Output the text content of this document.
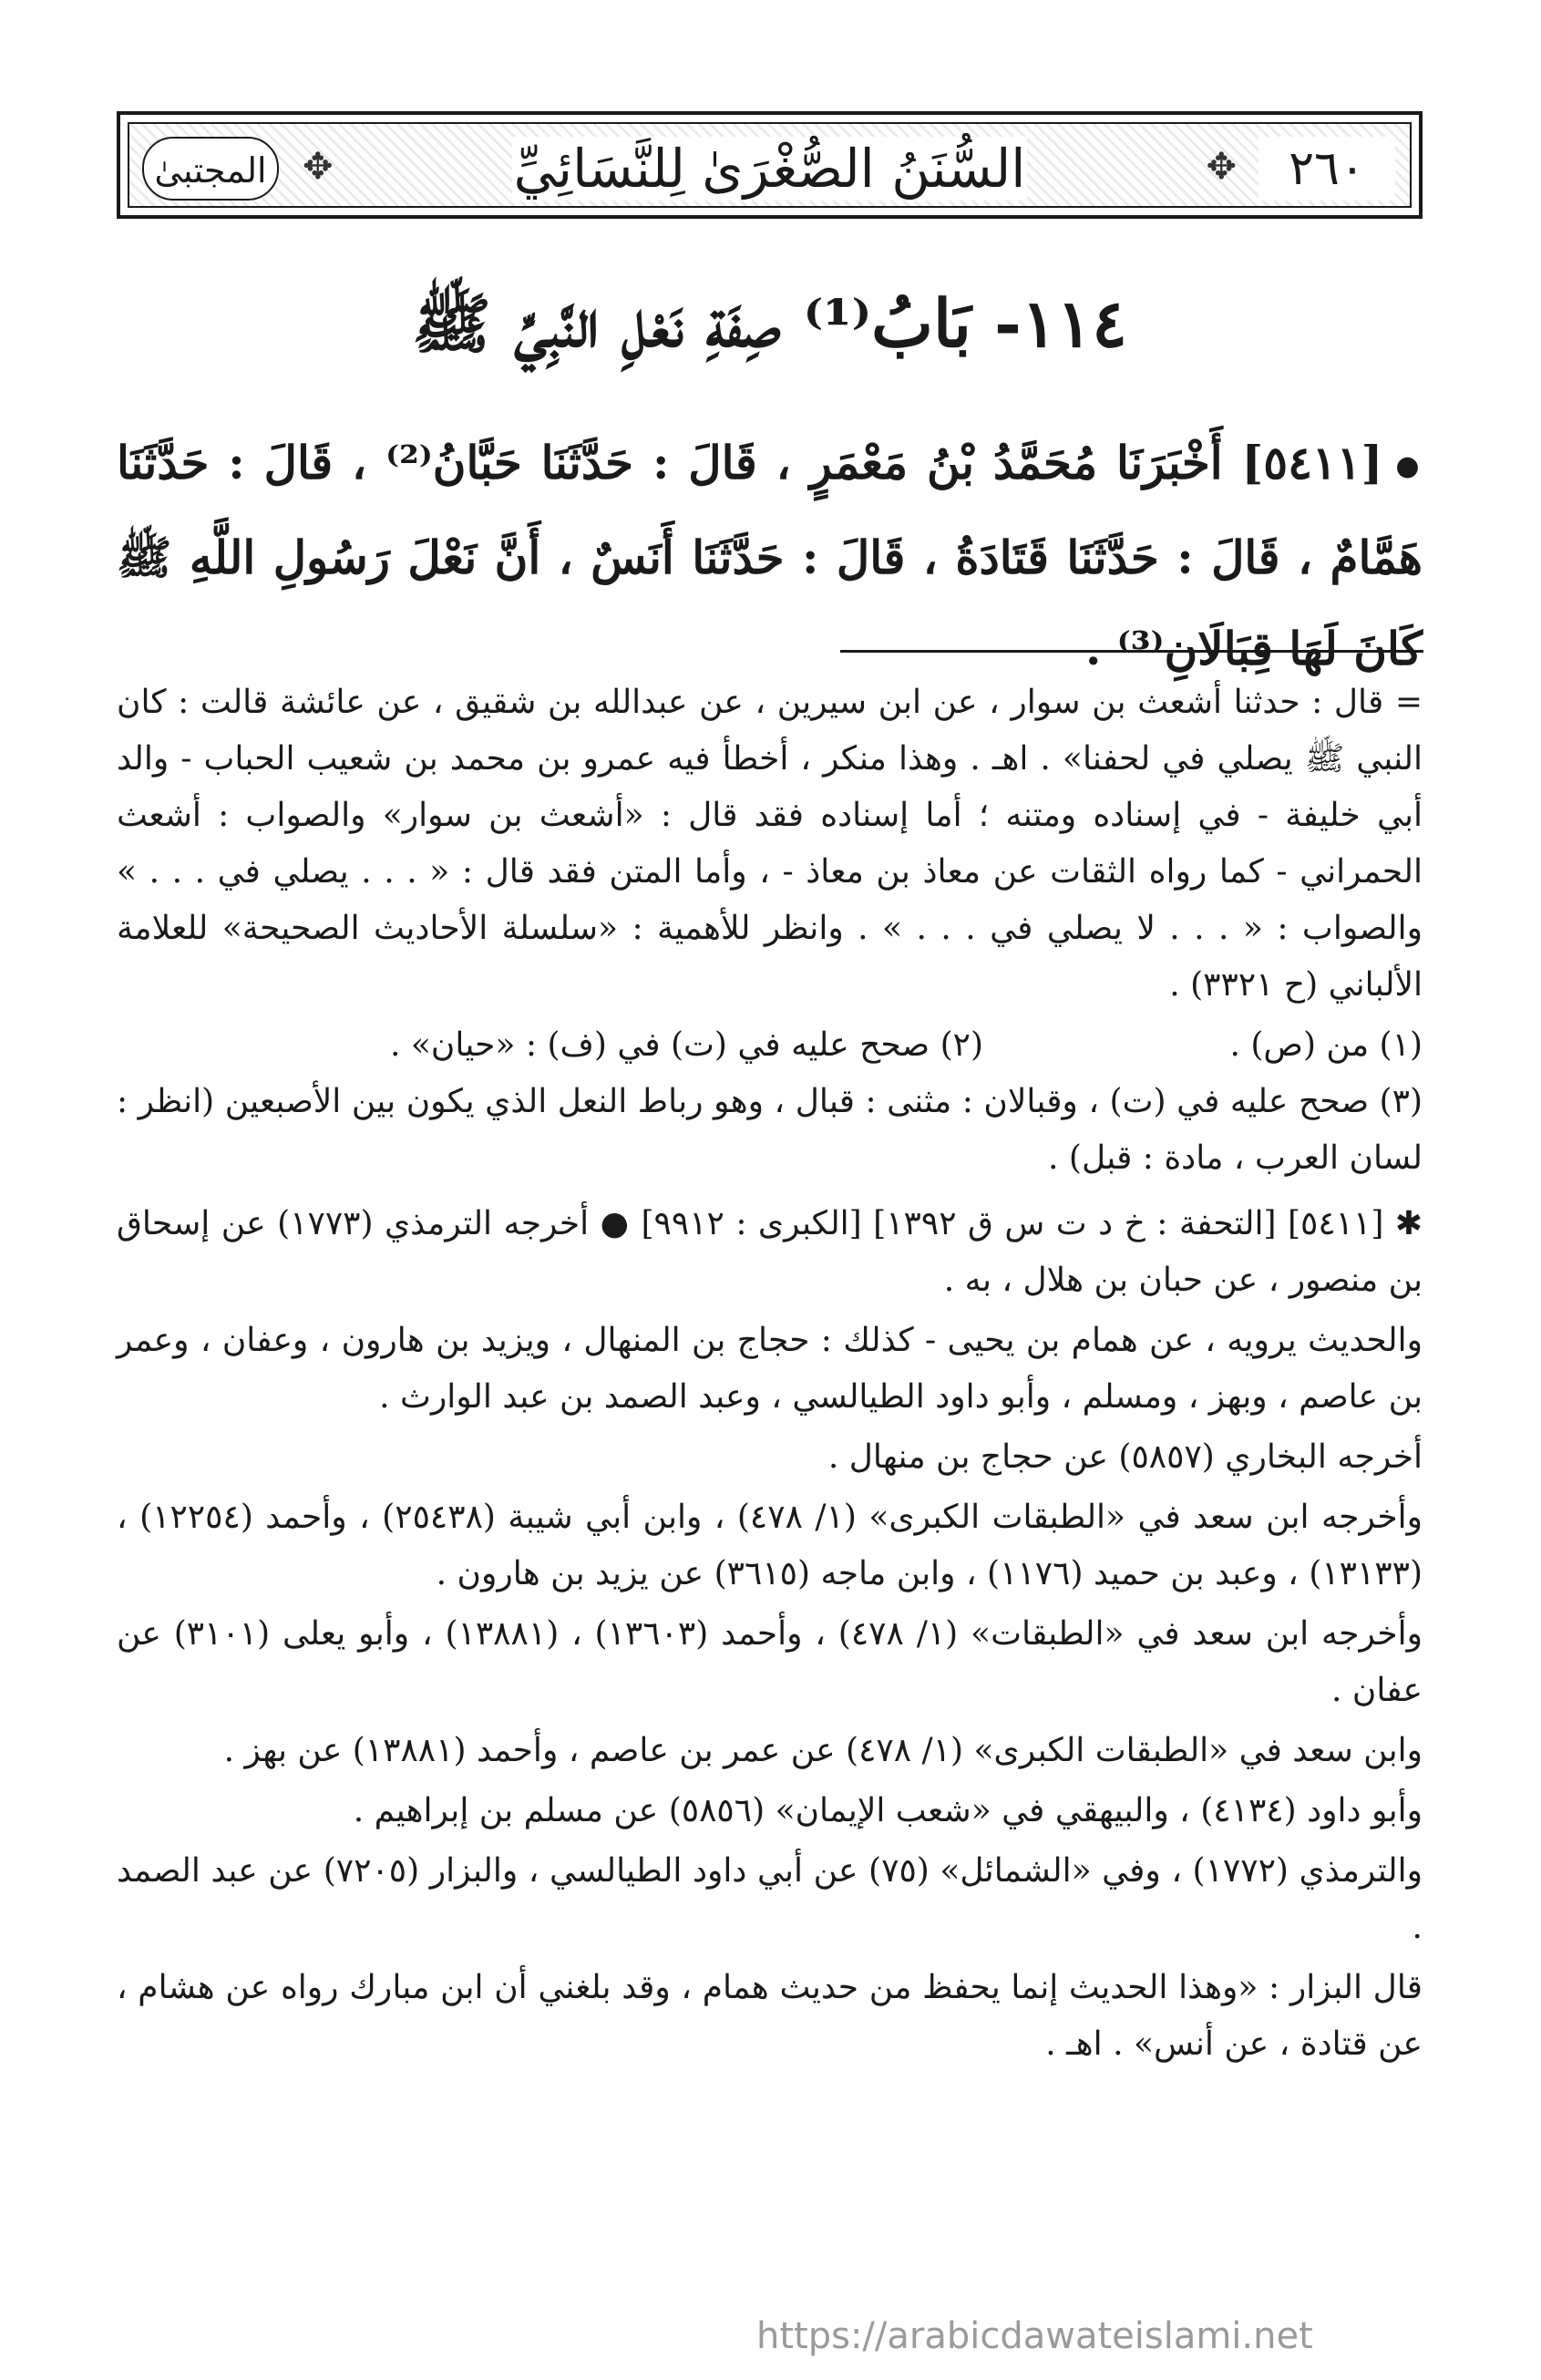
٢٦٠
✥
السُّنَنُ الصُّغْرَىٰ لِلنَّسَائِيِّ
✥
المجتبیٰ
١١٤- بَابُ⁽¹⁾ صِفَةِ نَعْلِ النَّبِيِّ ﷺ
●[٥٤١١] أَخْبَرَنَا مُحَمَّدُ بْنُ مَعْمَرٍ ، قَالَ : حَدَّثَنَا حَبَّانُ⁽²⁾ ، قَالَ : حَدَّثَنَا هَمَّامٌ ، قَالَ : حَدَّثَنَا قَتَادَةُ ، قَالَ : حَدَّثَنَا أَنَسٌ ، أَنَّ نَعْلَ رَسُولِ اللَّهِ ﷺ كَانَ لَهَا قِبَالَانِ⁽³⁾ .

= قال : حدثنا أشعث بن سوار ، عن ابن سيرين ، عن عبدالله بن شقيق ، عن عائشة قالت : كان النبي ﷺ يصلي في لحفنا» . اهـ . وهذا منكر ، أخطأ فيه عمرو بن محمد بن شعيب الحباب - والد أبي خليفة - في إسناده ومتنه ؛ أما إسناده فقد قال : «أشعث بن سوار» والصواب : أشعث الحمراني - كما رواه الثقات عن معاذ بن معاذ - ، وأما المتن فقد قال : « . . . يصلي في . . . » والصواب : « . . . لا يصلي في . . . » . وانظر للأهمية : «سلسلة الأحاديث الصحيحة» للعلامة الألباني (ح ٣٣٢١) .

(١) من (ص) .
(٢) صحح عليه في (ت) في (ف) : «حيان» .

(٣) صحح عليه في (ت) ، وقبالان : مثنى : قبال ، وهو رباط النعل الذي يكون بين الأصبعين (انظر : لسان العرب ، مادة : قبل) .

✱ [٥٤١١] [التحفة : خ د ت س ق ١٣٩٢] [الكبرى : ٩٩١٢] ● أخرجه الترمذي (١٧٧٣) عن إسحاق بن منصور ، عن حبان بن هلال ، به .

والحديث يرويه ، عن همام بن يحيى - كذلك : حجاج بن المنهال ، ويزيد بن هارون ، وعفان ، وعمر بن عاصم ، وبهز ، ومسلم ، وأبو داود الطيالسي ، وعبد الصمد بن عبد الوارث .

أخرجه البخاري (٥٨٥٧) عن حجاج بن منهال .

وأخرجه ابن سعد في «الطبقات الكبرى» (١/ ٤٧٨) ، وابن أبي شيبة (٢٥٤٣٨) ، وأحمد (١٢٢٥٤) ، (١٣١٣٣) ، وعبد بن حميد (١١٧٦) ، وابن ماجه (٣٦١٥) عن يزيد بن هارون .

وأخرجه ابن سعد في «الطبقات» (١/ ٤٧٨) ، وأحمد (١٣٦٠٣) ، (١٣٨٨١) ، وأبو يعلى (٣١٠١) عن عفان .

وابن سعد في «الطبقات الكبرى» (١/ ٤٧٨) عن عمر بن عاصم ، وأحمد (١٣٨٨١) عن بهز .

وأبو داود (٤١٣٤) ، والبيهقي في «شعب الإيمان» (٥٨٥٦) عن مسلم بن إبراهيم .

والترمذي (١٧٧٢) ، وفي «الشمائل» (٧٥) عن أبي داود الطيالسي ، والبزار (٧٢٠٥) عن عبد الصمد .

قال البزار : «وهذا الحديث إنما يحفظ من حديث همام ، وقد بلغني أن ابن مبارك رواه عن هشام ، عن قتادة ، عن أنس» . اهـ .

https://arabicdawateislami.net
